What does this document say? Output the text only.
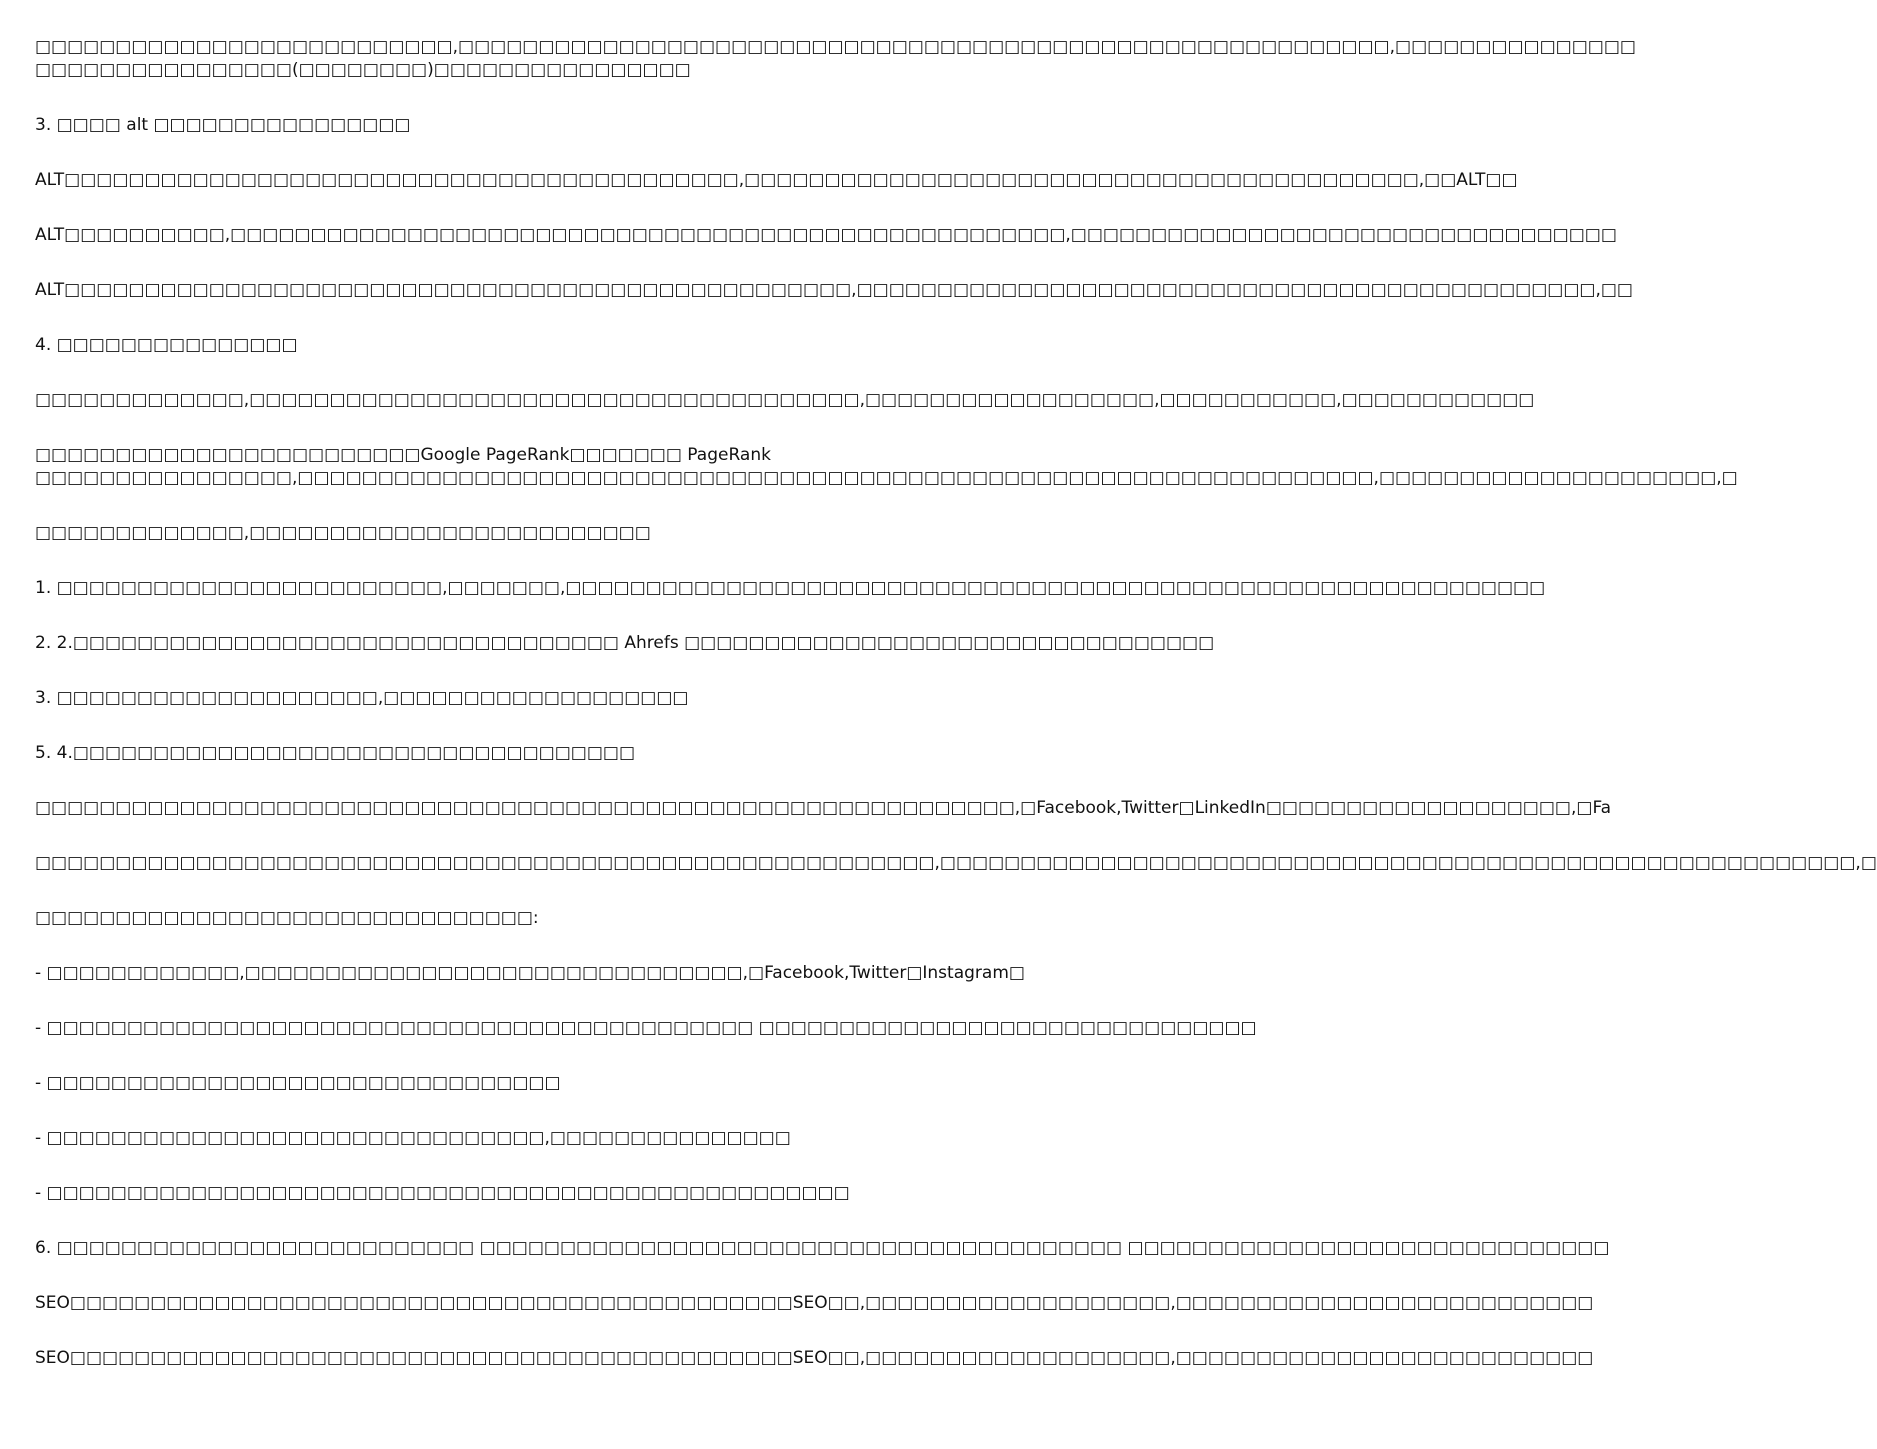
□□□□□□□□□□□□□□□□□□□□□□□□□□,□□□□□□□□□□□□□□□□□□□□□□□□□□□□□□□□□□□□□□□□□□□□□□□□□□□□□□□□□□,□□□□□□□□□□□□□□□
□□□□□□□□□□□□□□□□(□□□□□□□□)□□□□□□□□□□□□□□□□

3. □□□□ alt □□□□□□□□□□□□□□□□

ALT□□□□□□□□□□□□□□□□□□□□□□□□□□□□□□□□□□□□□□□□□□,□□□□□□□□□□□□□□□□□□□□□□□□□□□□□□□□□□□□□□□□□□,□□ALT□□

ALT□□□□□□□□□□,□□□□□□□□□□□□□□□□□□□□□□□□□□□□□□□□□□□□□□□□□□□□□□□□□□□□,□□□□□□□□□□□□□□□□□□□□□□□□□□□□□□□□□□

ALT□□□□□□□□□□□□□□□□□□□□□□□□□□□□□□□□□□□□□□□□□□□□□□□□□,□□□□□□□□□□□□□□□□□□□□□□□□□□□□□□□□□□□□□□□□□□□□□□,□□

4. □□□□□□□□□□□□□□□

□□□□□□□□□□□□□,□□□□□□□□□□□□□□□□□□□□□□□□□□□□□□□□□□□□□□,□□□□□□□□□□□□□□□□□□,□□□□□□□□□□□,□□□□□□□□□□□□

□□□□□□□□□□□□□□□□□□□□□□□□Google PageRank□□□□□□□ PageRank
□□□□□□□□□□□□□□□□,□□□□□□□□□□□□□□□□□□□□□□□□□□□□□□□□□□□□□□□□□□□□□□□□□□□□□□□□□□□□□□□□□□□,□□□□□□□□□□□□□□□□□□□□□,□

□□□□□□□□□□□□□,□□□□□□□□□□□□□□□□□□□□□□□□□

1. □□□□□□□□□□□□□□□□□□□□□□□□,□□□□□□□,□□□□□□□□□□□□□□□□□□□□□□□□□□□□□□□□□□□□□□□□□□□□□□□□□□□□□□□□□□□□□

2. 2.□□□□□□□□□□□□□□□□□□□□□□□□□□□□□□□□□□ Ahrefs □□□□□□□□□□□□□□□□□□□□□□□□□□□□□□□□□

3. □□□□□□□□□□□□□□□□□□□□,□□□□□□□□□□□□□□□□□□□

5. 4.□□□□□□□□□□□□□□□□□□□□□□□□□□□□□□□□□□□

□□□□□□□□□□□□□□□□□□□□□□□□□□□□□□□□□□□□□□□□□□□□□□□□□□□□□□□□□□□□□,□Facebook,Twitter□LinkedIn□□□□□□□□□□□□□□□□□□□,□Fa

□□□□□□□□□□□□□□□□□□□□□□□□□□□□□□□□□□□□□□□□□□□□□□□□□□□□□□□□,□□□□□□□□□□□□□□□□□□□□□□□□□□□□□□□□□□□□□□□□□□□□□□□□□□□□□□□□□,□

□□□□□□□□□□□□□□□□□□□□□□□□□□□□□□□:

- □□□□□□□□□□□□,□□□□□□□□□□□□□□□□□□□□□□□□□□□□□□□,□Facebook,Twitter□Instagram□

- □□□□□□□□□□□□□□□□□□□□□□□□□□□□□□□□□□□□□□□□□□□□ □□□□□□□□□□□□□□□□□□□□□□□□□□□□□□□

- □□□□□□□□□□□□□□□□□□□□□□□□□□□□□□□□

- □□□□□□□□□□□□□□□□□□□□□□□□□□□□□□□,□□□□□□□□□□□□□□□

- □□□□□□□□□□□□□□□□□□□□□□□□□□□□□□□□□□□□□□□□□□□□□□□□□□

6. □□□□□□□□□□□□□□□□□□□□□□□□□□ □□□□□□□□□□□□□□□□□□□□□□□□□□□□□□□□□□□□□□□□ □□□□□□□□□□□□□□□□□□□□□□□□□□□□□□

SEO□□□□□□□□□□□□□□□□□□□□□□□□□□□□□□□□□□□□□□□□□□□□□SEO□□,□□□□□□□□□□□□□□□□□□□,□□□□□□□□□□□□□□□□□□□□□□□□□□

SEO□□□□□□□□□□□□□□□□□□□□□□□□□□□□□□□□□□□□□□□□□□□□□SEO□□,□□□□□□□□□□□□□□□□□□□,□□□□□□□□□□□□□□□□□□□□□□□□□□
